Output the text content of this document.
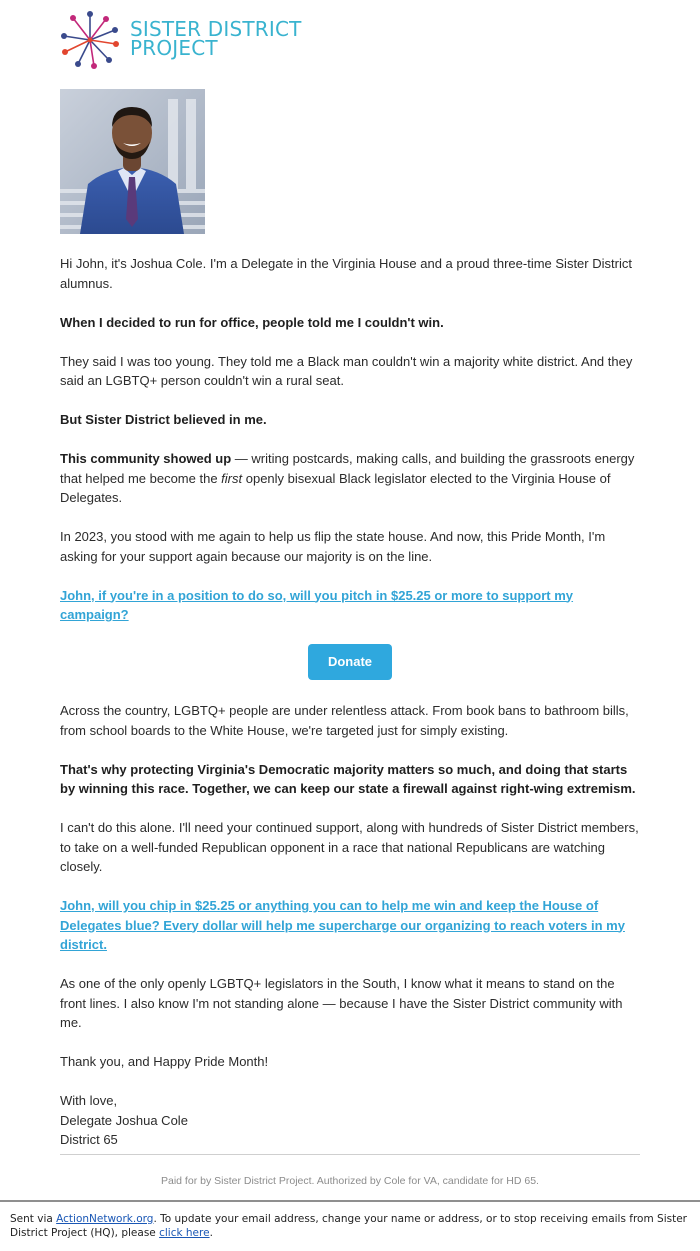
SISTER DISTRICT
PROJECT

Hi John, it's Joshua Cole. I'm a Delegate in the Virginia House and a proud three-time Sister District alumnus.

When I decided to run for office, people told me I couldn't win.

They said I was too young. They told me a Black man couldn't win a majority white district. And they said an LGBTQ+ person couldn't win a rural seat.

But Sister District believed in me.

This community showed up — writing postcards, making calls, and building the grassroots energy that helped me become the first openly bisexual Black legislator elected to the Virginia House of Delegates.

In 2023, you stood with me again to help us flip the state house. And now, this Pride Month, I'm asking for your support again because our majority is on the line.

John, if you're in a position to do so, will you pitch in $25.25 or more to support my campaign?

Donate

Across the country, LGBTQ+ people are under relentless attack. From book bans to bathroom bills, from school boards to the White House, we're targeted just for simply existing.

That's why protecting Virginia's Democratic majority matters so much, and doing that starts by winning this race. Together, we can keep our state a firewall against right-wing extremism.

I can't do this alone. I'll need your continued support, along with hundreds of Sister District members, to take on a well-funded Republican opponent in a race that national Republicans are watching closely.

John, will you chip in $25.25 or anything you can to help me win and keep the House of Delegates blue? Every dollar will help me supercharge our organizing to reach voters in my district.

As one of the only openly LGBTQ+ legislators in the South, I know what it means to stand on the front lines. I also know I'm not standing alone — because I have the Sister District community with me.

Thank you, and Happy Pride Month!

With love,
Delegate Joshua Cole
District 65

Paid for by Sister District Project. Authorized by Cole for VA, candidate for HD 65.
Sent via ActionNetwork.org. To update your email address, change your name or address, or to stop receiving emails from Sister District Project (HQ), please click here.
